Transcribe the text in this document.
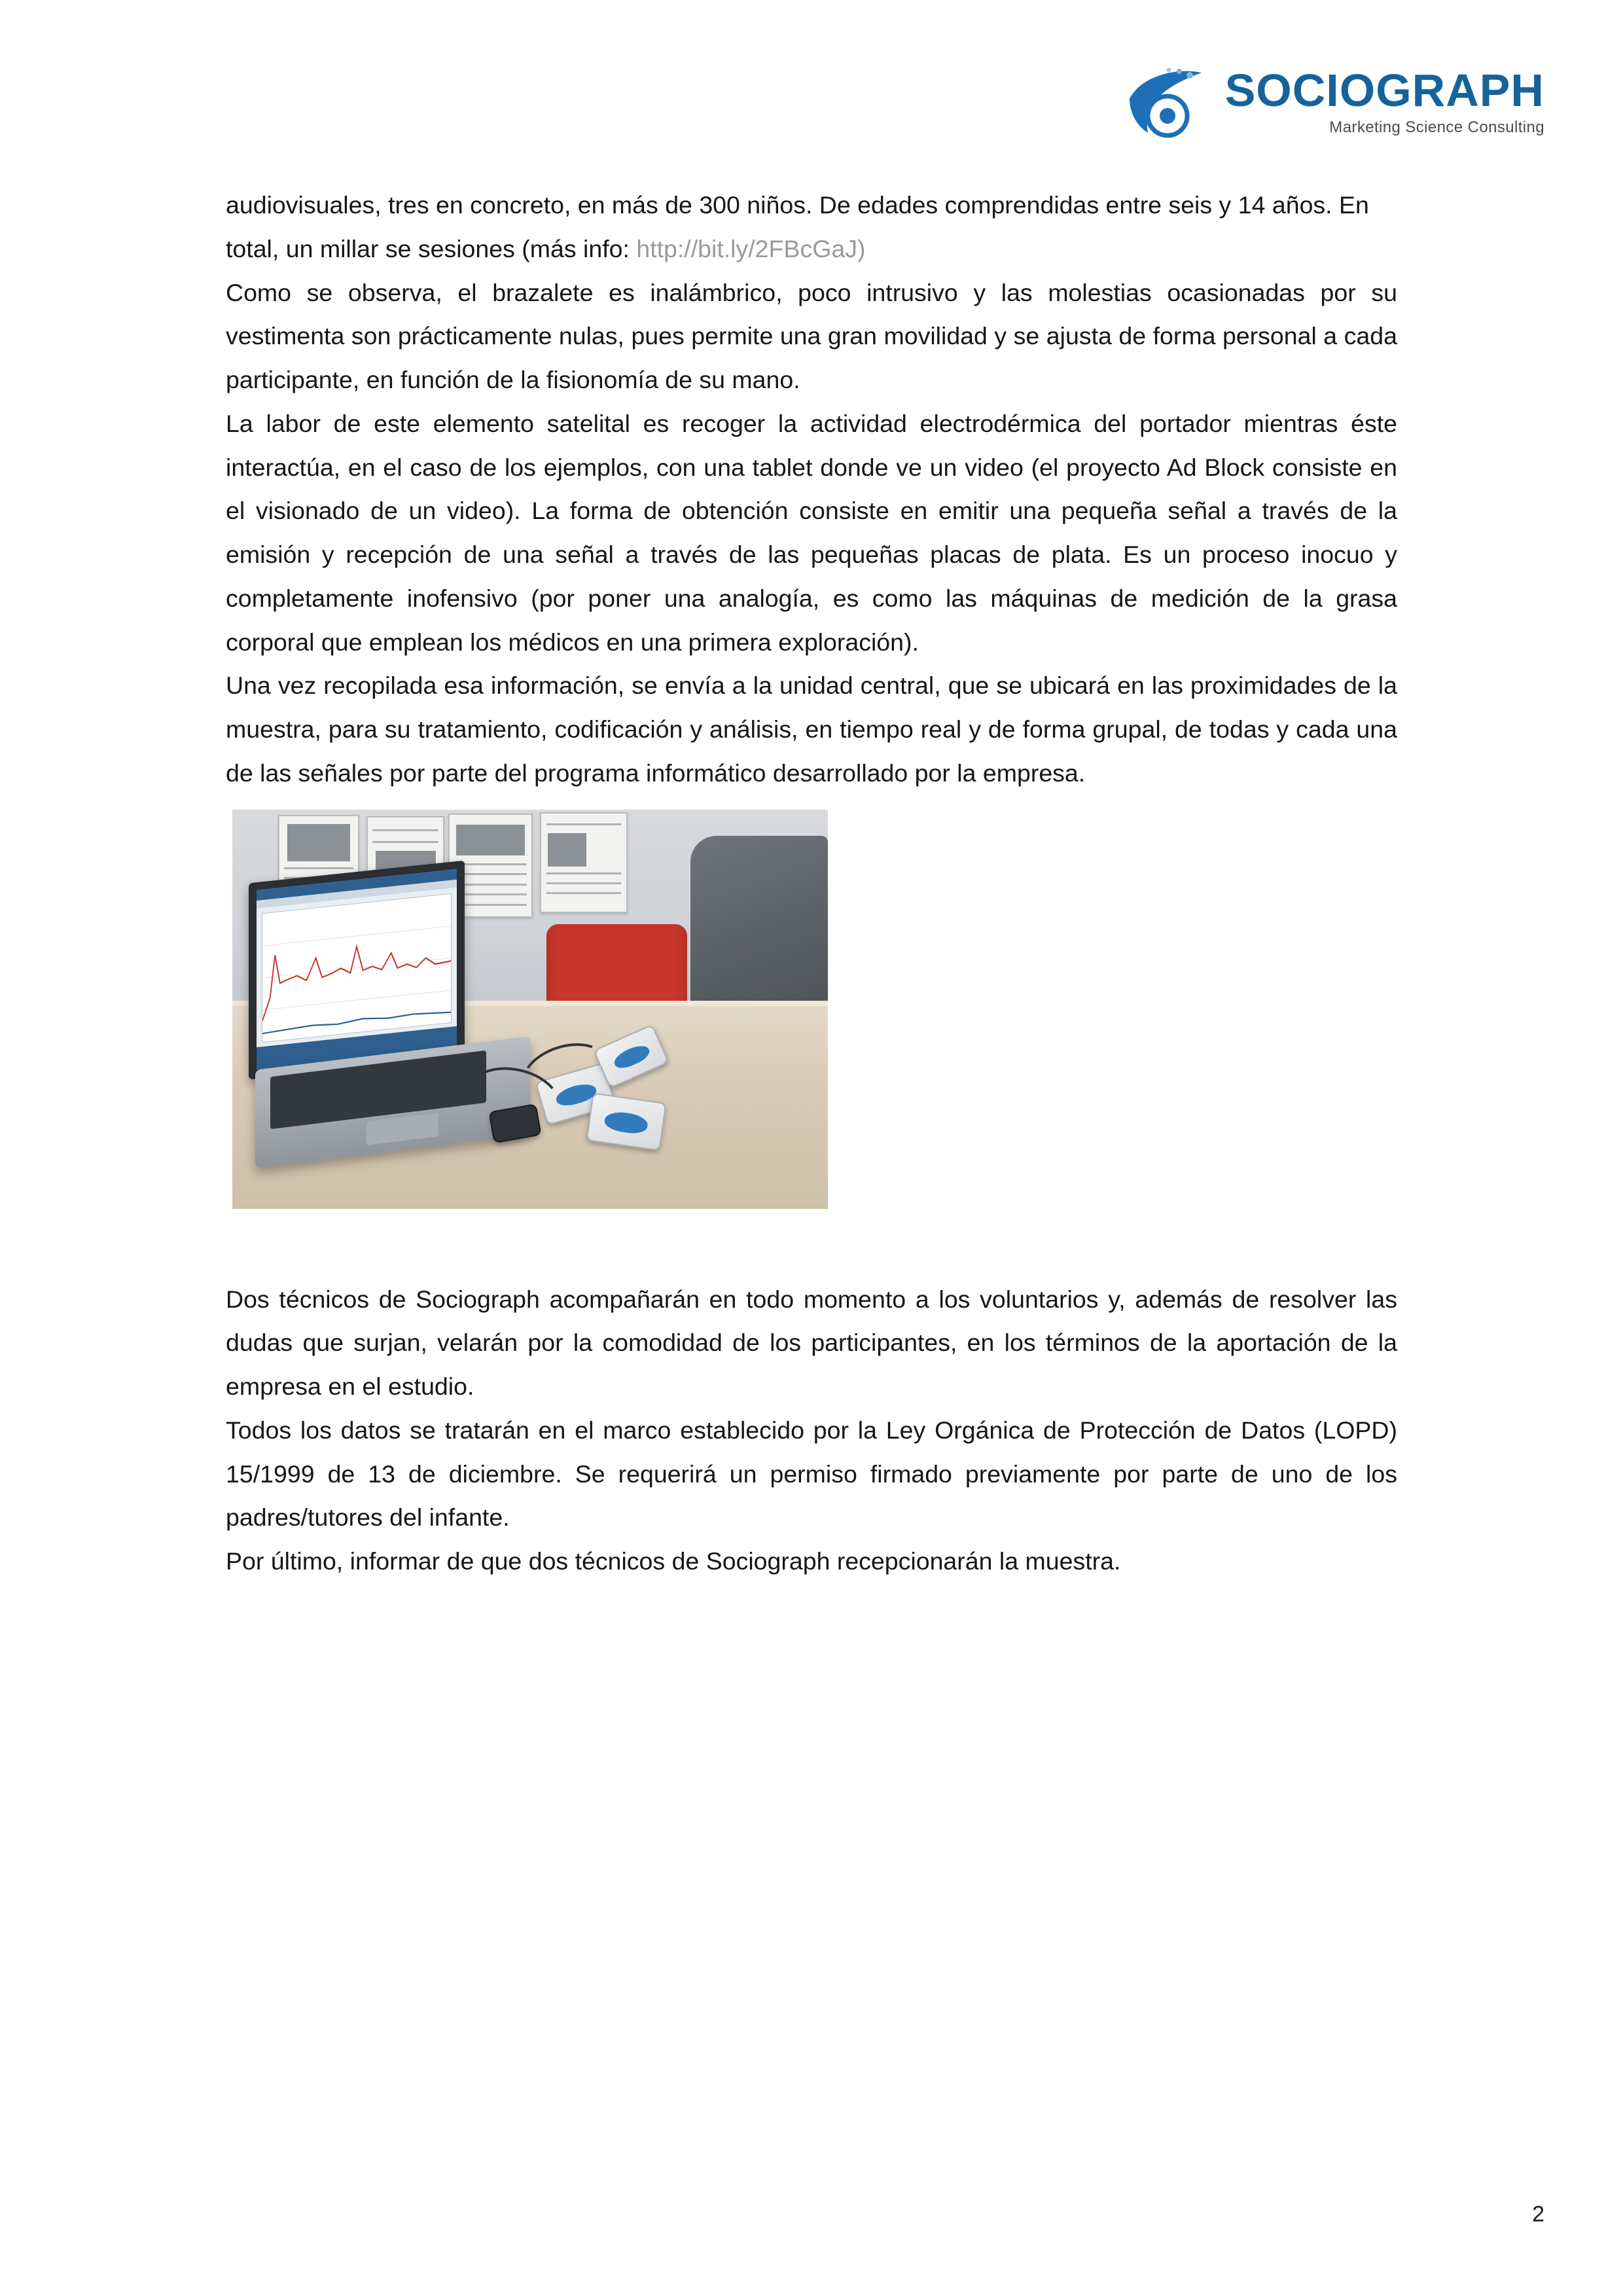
SOCIOGRAPH
Marketing Science Consulting

audiovisuales, tres en concreto, en más de 300 niños. De edades comprendidas entre seis y 14 años. En total, un millar se sesiones (más info: http://bit.ly/2FBcGaJ)

Como se observa, el brazalete es inalámbrico, poco intrusivo y las molestias ocasionadas por su vestimenta son prácticamente nulas, pues permite una gran movilidad y se ajusta de forma personal a cada participante, en función de la fisionomía de su mano.

La labor de este elemento satelital es recoger la actividad electrodérmica del portador mientras éste interactúa, en el caso de los ejemplos, con una tablet donde ve un video (el proyecto Ad Block consiste en el visionado de un video). La forma de obtención consiste en emitir una pequeña señal a través de la emisión y recepción de una señal a través de las pequeñas placas de plata. Es un proceso inocuo y completamente inofensivo (por poner una analogía, es como las máquinas de medición de la grasa corporal que emplean los médicos en una primera exploración).

Una vez recopilada esa información, se envía a la unidad central, que se ubicará en las proximidades de la muestra, para su tratamiento, codificación y análisis, en tiempo real y de forma grupal, de todas y cada una de las señales por parte del programa informático desarrollado por la empresa.

Dos técnicos de Sociograph acompañarán en todo momento a los voluntarios y, además de resolver las dudas que surjan, velarán por la comodidad de los participantes, en los términos de la aportación de la empresa en el estudio.

Todos los datos se tratarán en el marco establecido por la Ley Orgánica de Protección de Datos (LOPD) 15/1999 de 13 de diciembre. Se requerirá un permiso firmado previamente por parte de uno de los padres/tutores del infante.

Por último, informar de que dos técnicos de Sociograph recepcionarán la muestra.

2
